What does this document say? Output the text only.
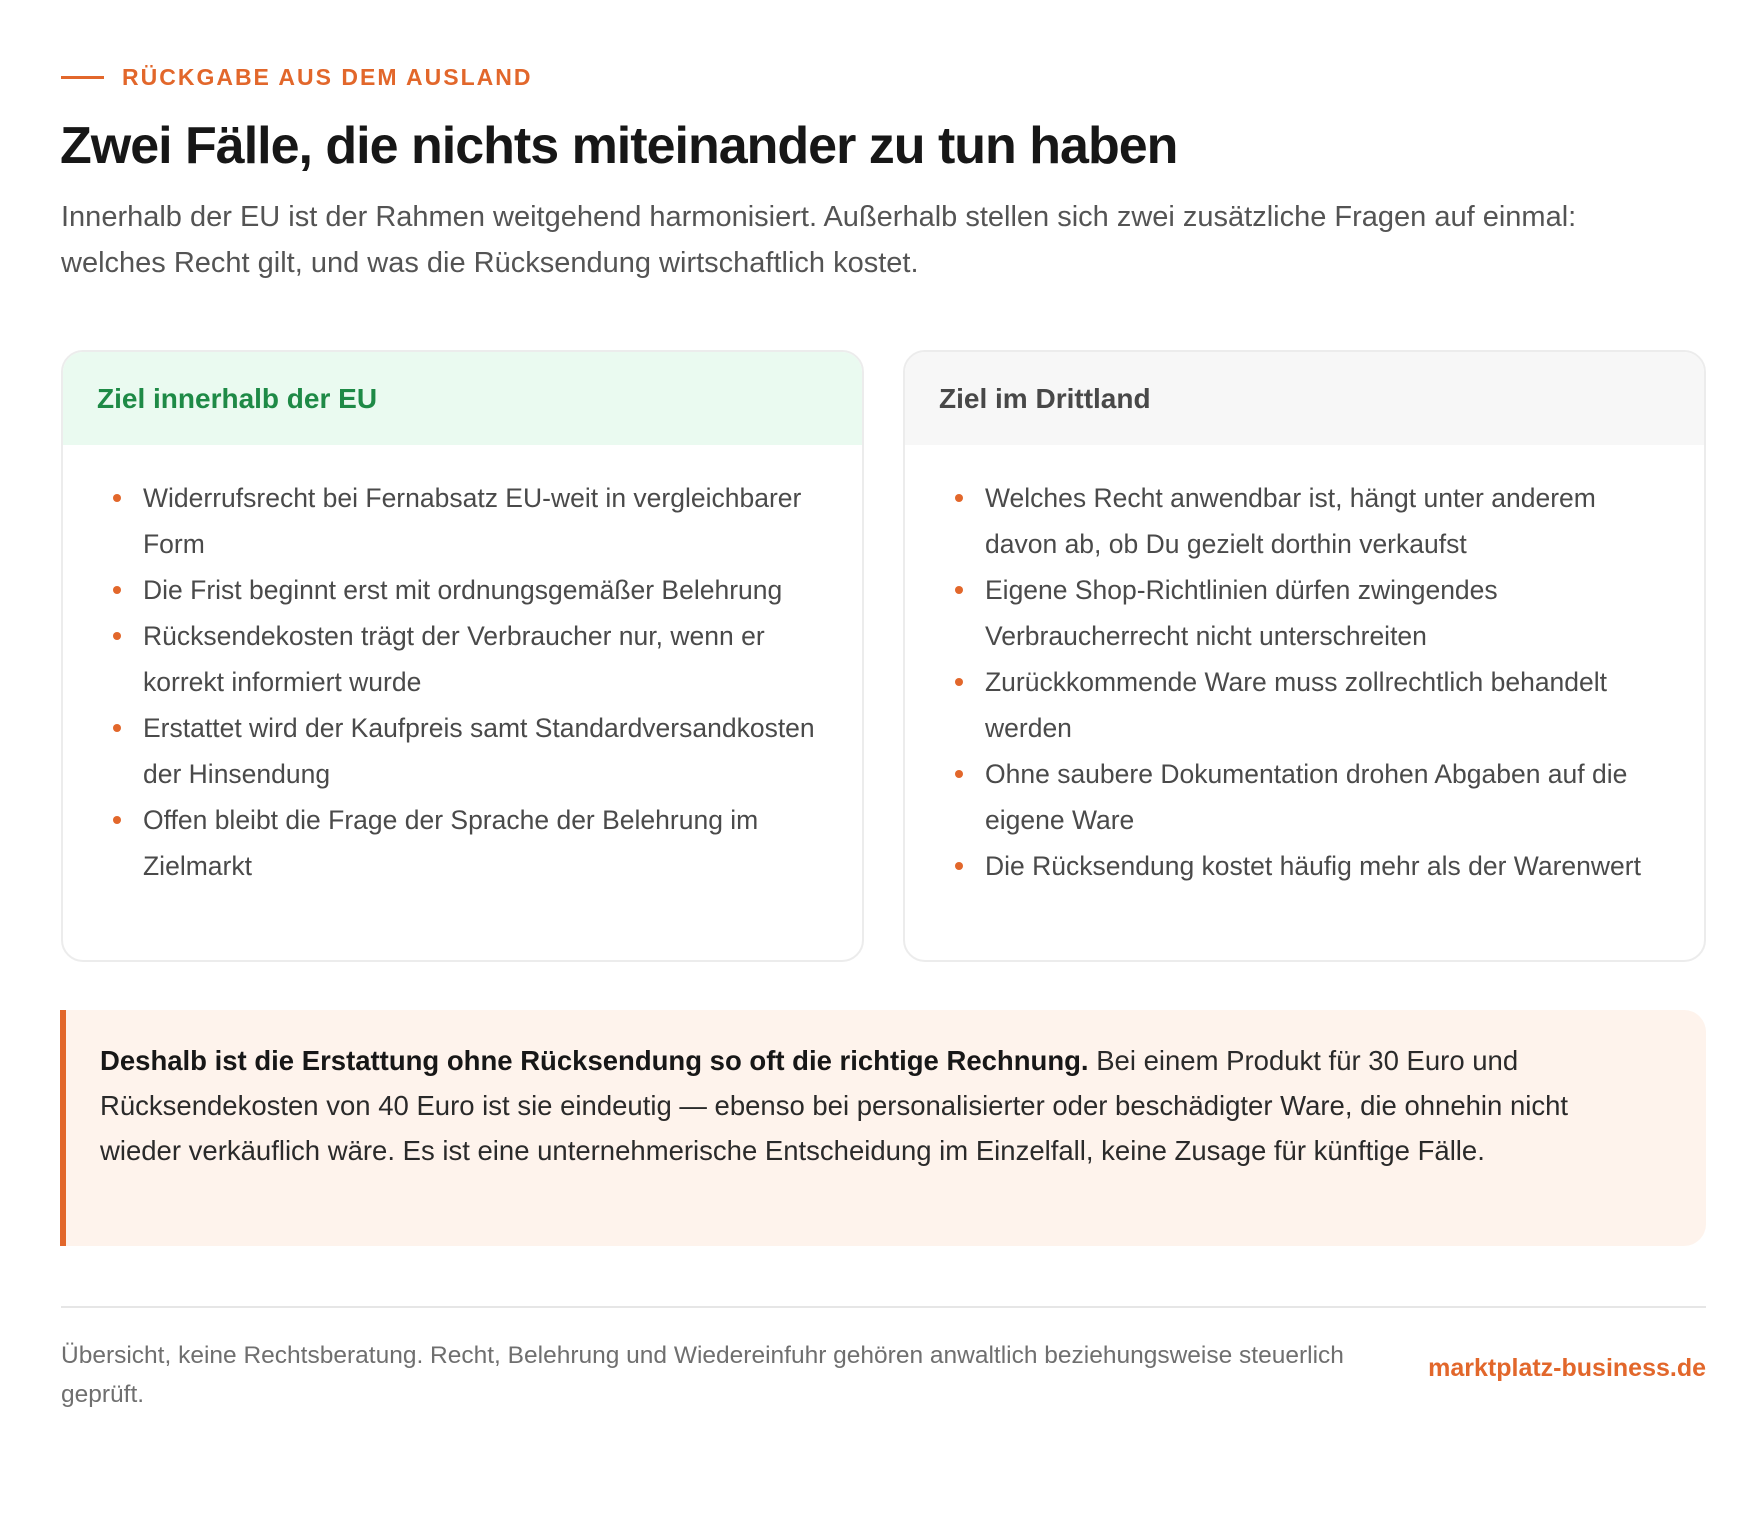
RÜCKGABE AUS DEM AUSLAND
Zwei Fälle, die nichts miteinander zu tun haben

Innerhalb der EU ist der Rahmen weitgehend harmonisiert. Außerhalb stellen sich zwei zusätzliche Fragen auf einmal: welches Recht gilt, und was die Rücksendung wirtschaftlich kostet.

Ziel innerhalb der EU
Widerrufsrecht bei Fernabsatz EU-weit in vergleichbarer Form
Die Frist beginnt erst mit ordnungsgemäßer Belehrung
Rücksendekosten trägt der Verbraucher nur, wenn er korrekt informiert wurde
Erstattet wird der Kaufpreis samt Standardversandkosten der Hinsendung
Offen bleibt die Frage der Sprache der Belehrung im Zielmarkt
Ziel im Drittland
Welches Recht anwendbar ist, hängt unter anderem davon ab, ob Du gezielt dorthin verkaufst
Eigene Shop-Richtlinien dürfen zwingendes Verbraucherrecht nicht unterschreiten
Zurückkommende Ware muss zollrechtlich behandelt werden
Ohne saubere Dokumentation drohen Abgaben auf die eigene Ware
Die Rücksendung kostet häufig mehr als der Warenwert

Deshalb ist die Erstattung ohne Rücksendung so oft die richtige Rechnung. Bei einem Produkt für 30 Euro und Rücksendekosten von 40 Euro ist sie eindeutig — ebenso bei personalisierter oder beschädigter Ware, die ohnehin nicht wieder verkäuflich wäre. Es ist eine unternehmerische Entscheidung im Einzelfall, keine Zusage für künftige Fälle.

Übersicht, keine Rechtsberatung. Recht, Belehrung und Wiedereinfuhr gehören anwaltlich beziehungsweise steuerlich geprüft.

marktplatz-business.de
